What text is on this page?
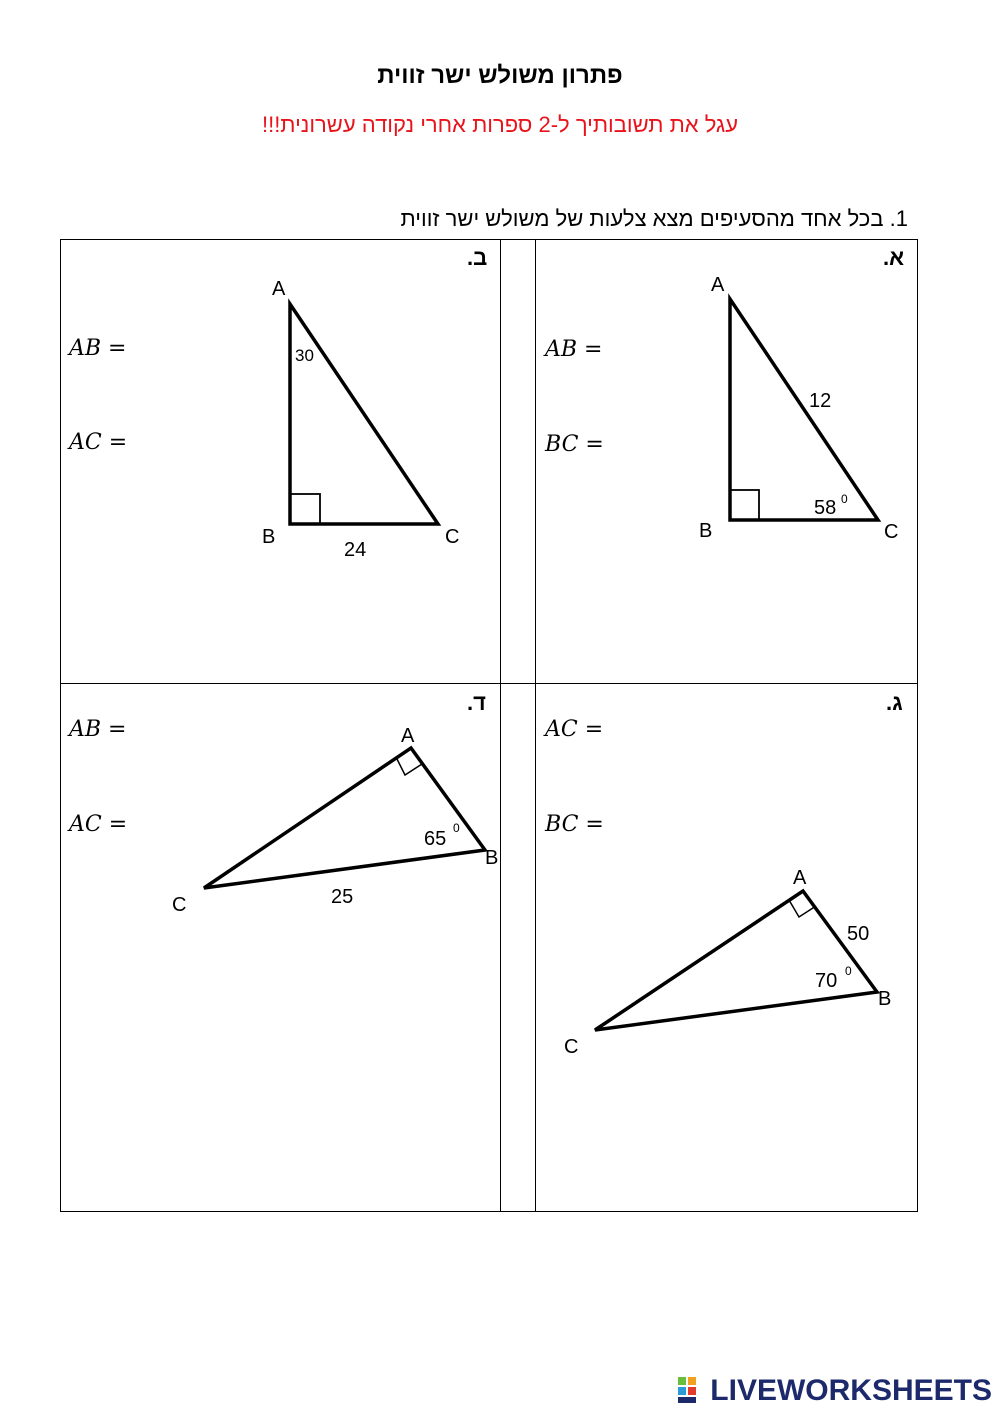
פתרון משולש ישר זווית
עגל את תשובותיך ל-2 ספרות אחרי נקודה עשרונית!!!
1. בכל אחד מהסעיפים מצא צלעות של משולש ישר זווית
א.
ב.
ג.
ד.
AB =
BC =
AB =
AC =
AC =
BC =
AB =
AC =
A
B	C
12
58 0
A
B	C
24
30
A
B
C
50
70 0
A
B
C	25
65 0
LIVEWORKSHEETS
